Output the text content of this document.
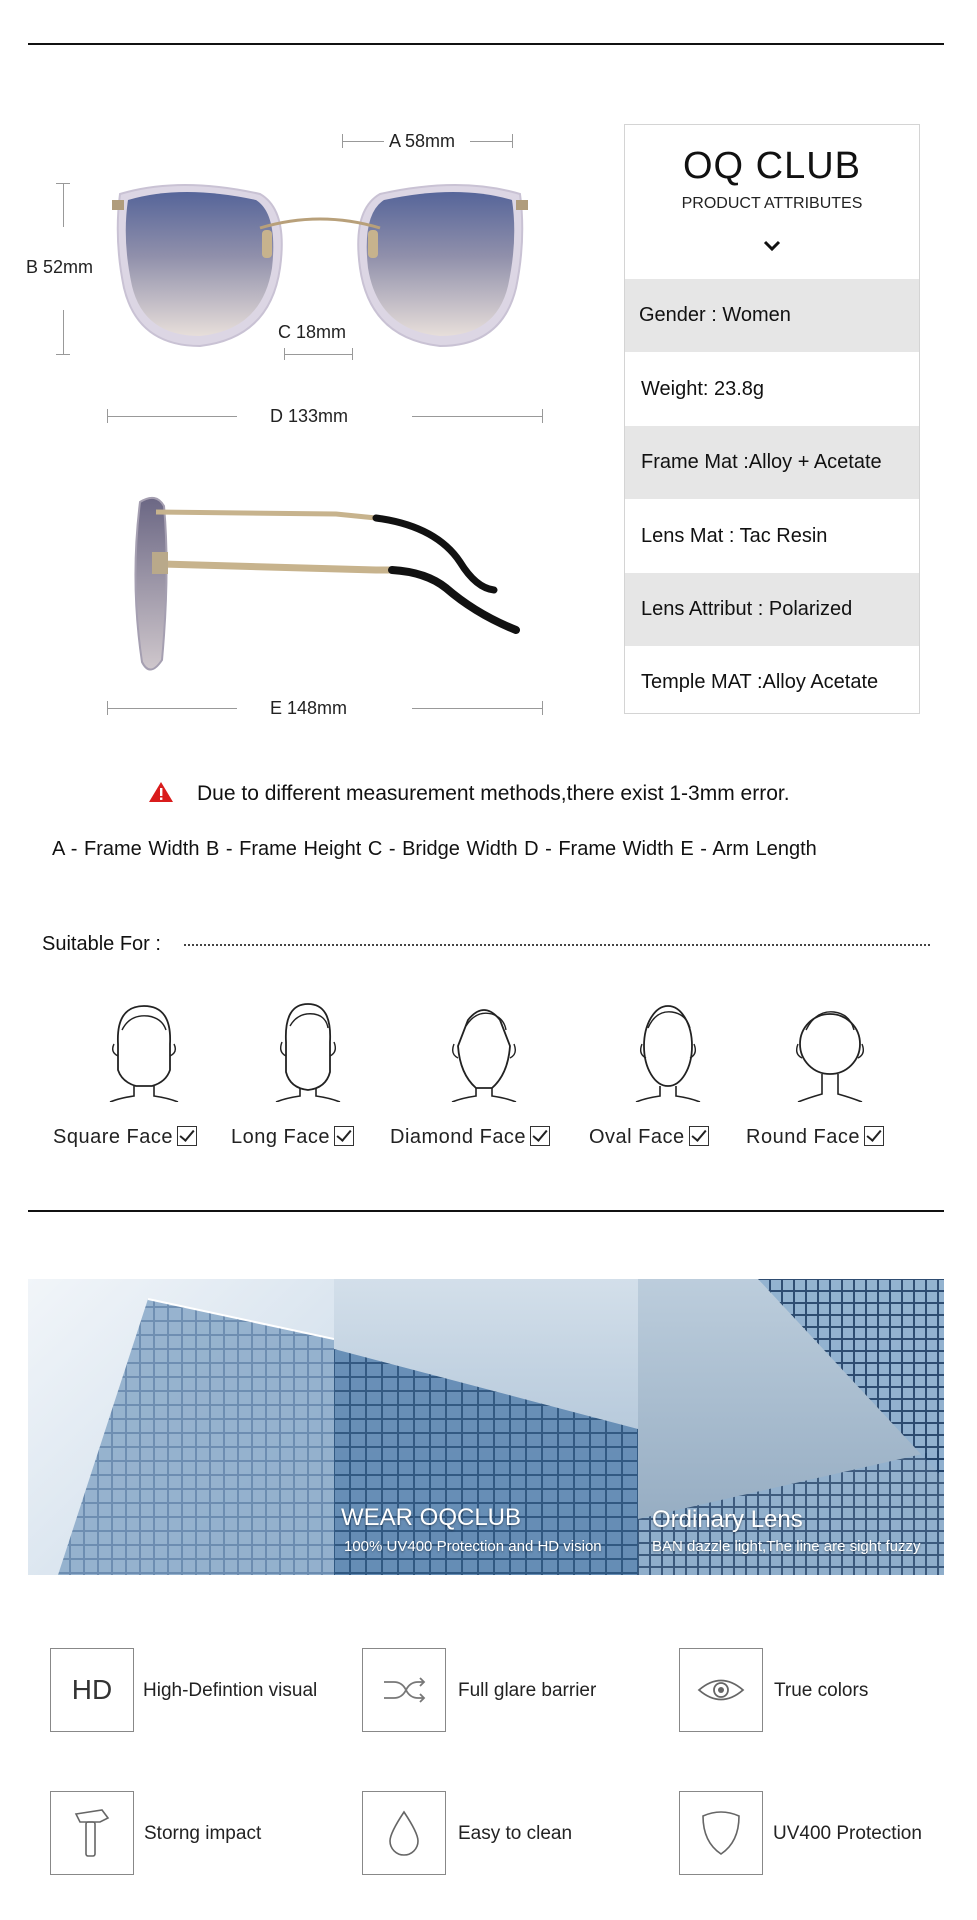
A 58mm
B 52mm
C 18mm
D 133mm
E 148mm
OQ CLUB
PRODUCT ATTRIBUTES
Gender : Women
Weight: 23.8g
Frame Mat :Alloy + Acetate
Lens Mat : Tac Resin
Lens Attribut : Polarized
Temple MAT :Alloy Acetate
Due to different measurement methods,there exist 1-3mm error.
A - Frame Width B - Frame Height C - Bridge Width D - Frame Width E - Arm Length
Suitable For :
Square Face	Long Face	Diamond Face	Oval Face	Round Face
WEAR OQCLUB
100% UV400 Protection and HD vision
Ordinary Lens
BAN dazzle light,The line are sight fuzzy
HD High-Defintion visual	Full glare barrier	True colors
Storng impact	Easy to clean	UV400 Protection
